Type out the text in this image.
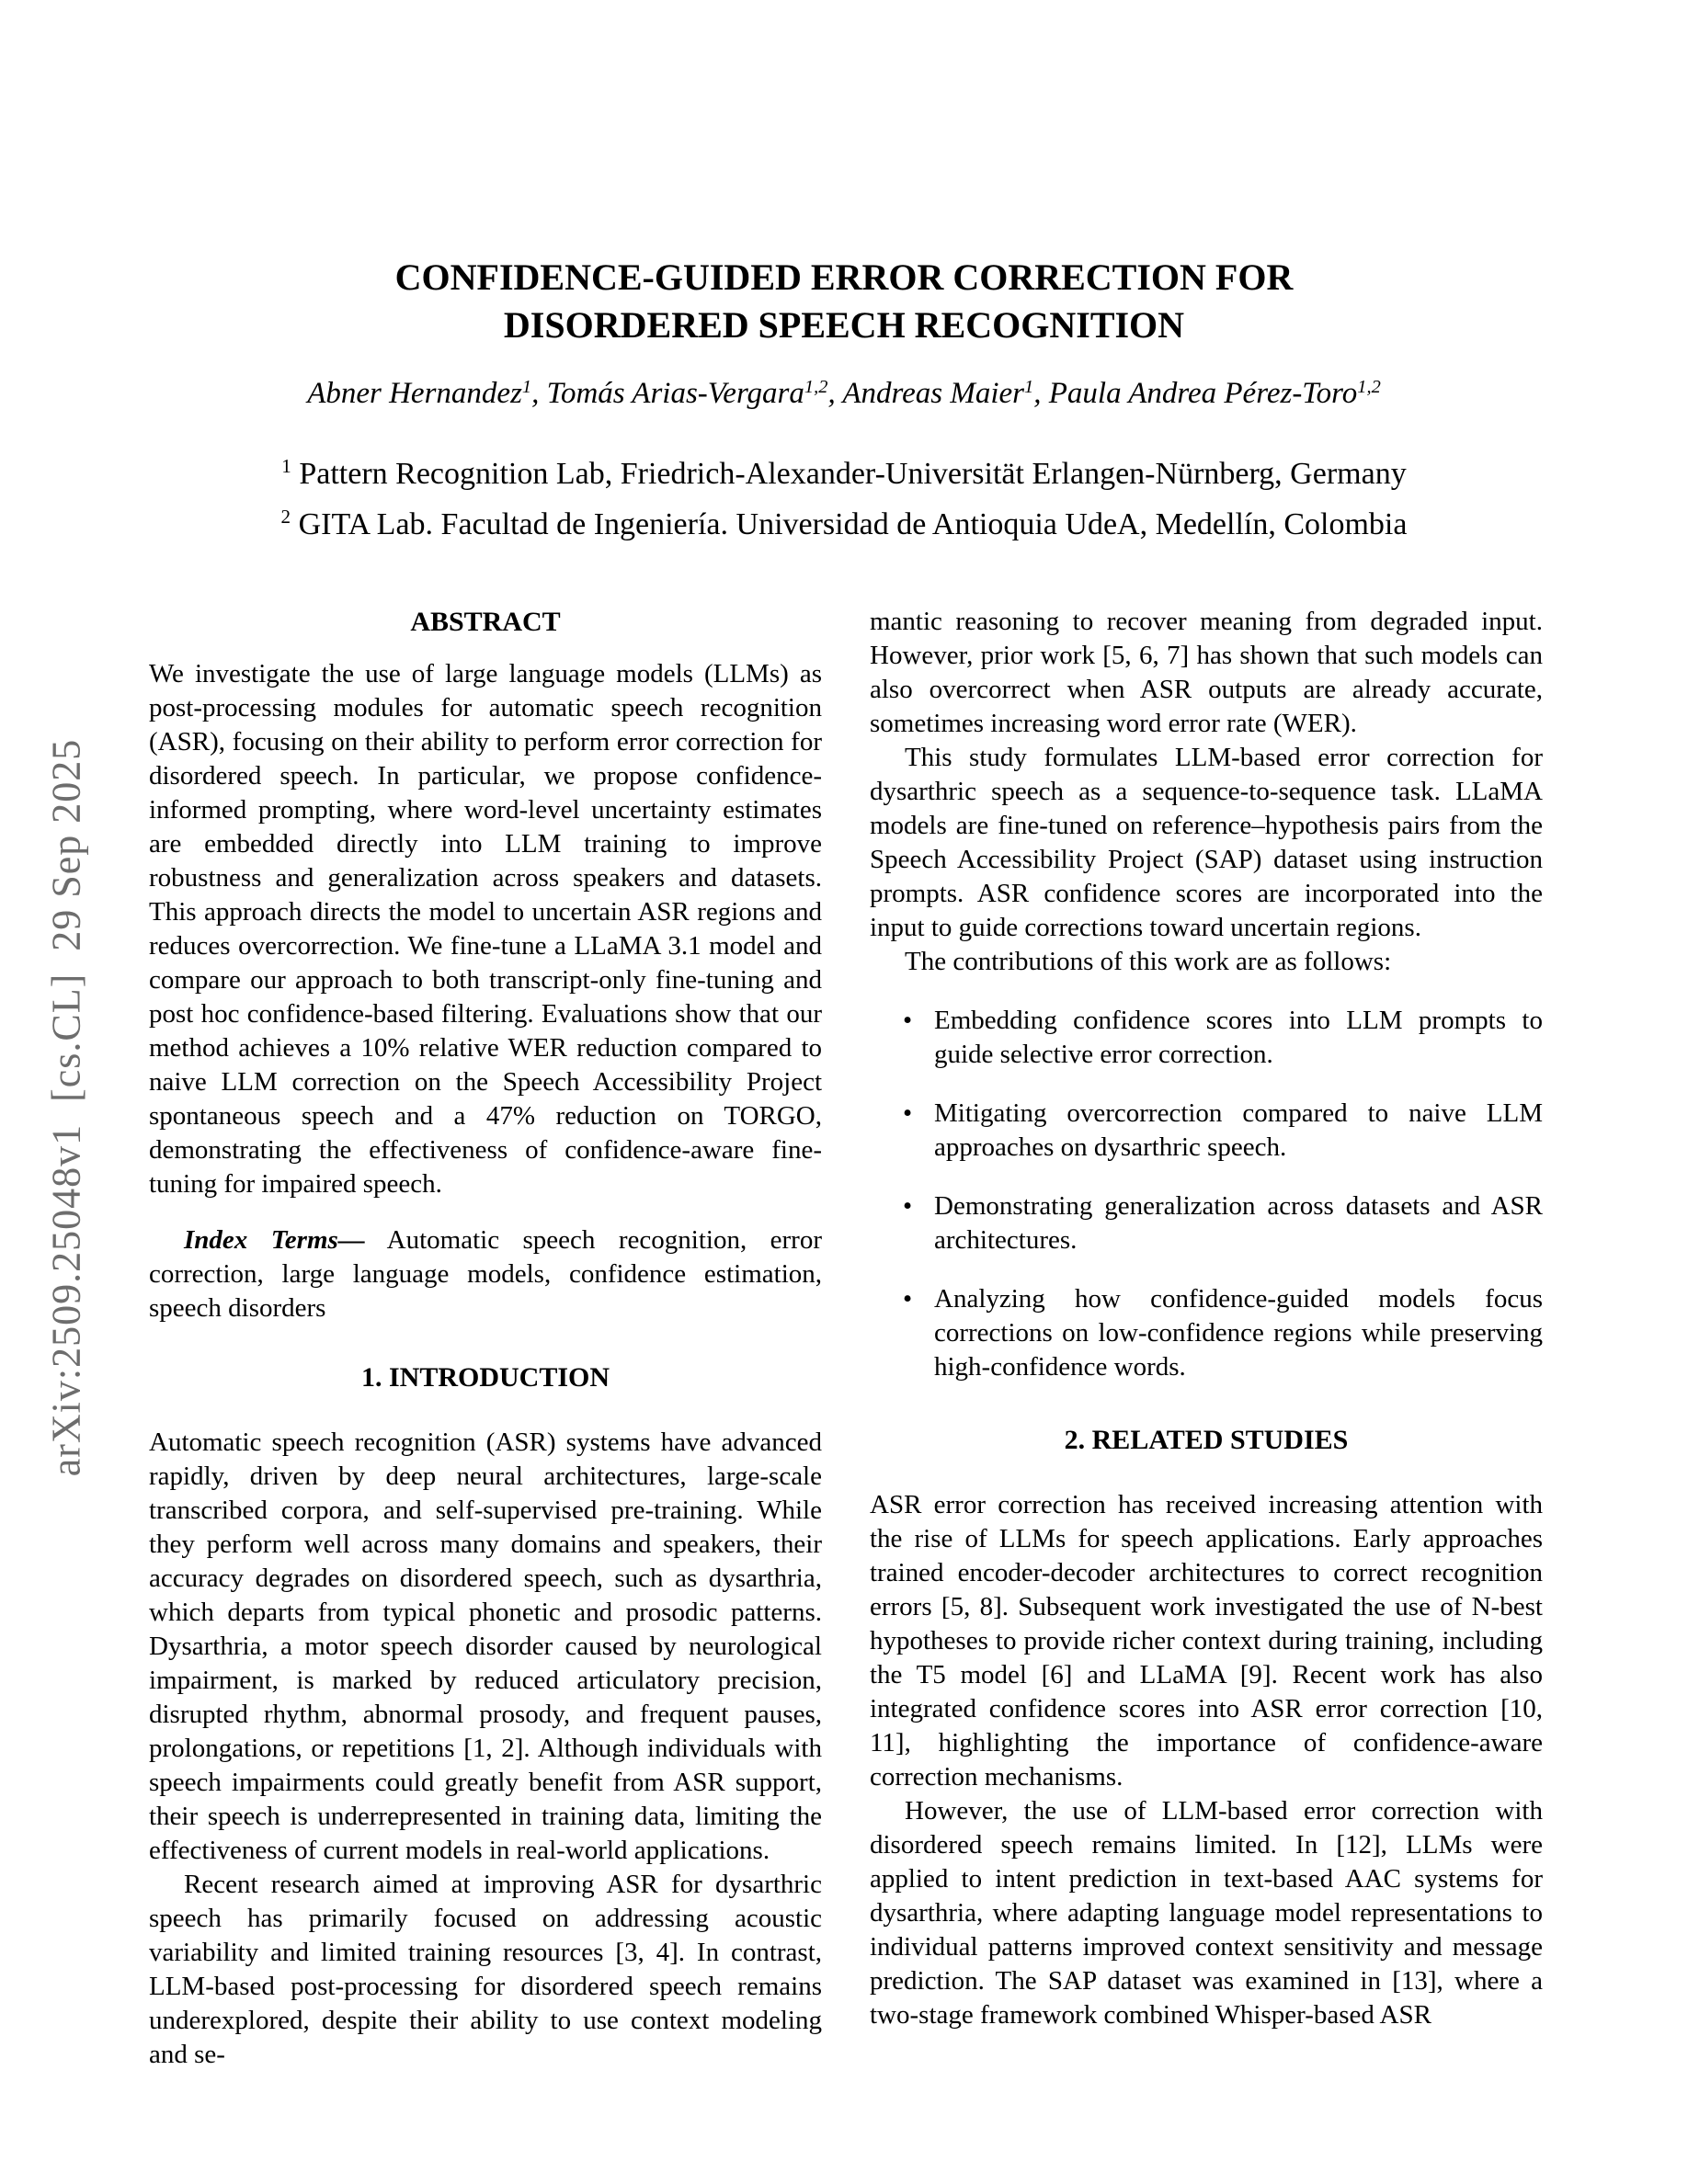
arXiv:2509.25048v1  [cs.CL]  29 Sep 2025
CONFIDENCE-GUIDED ERROR CORRECTION FOR
DISORDERED SPEECH RECOGNITION
Abner Hernandez$^1$, Tomás Arias-Vergara$^{1,2}$, Andreas Maier$^1$, Paula Andrea Pérez-Toro$^{1,2}$
$^1$ Pattern Recognition Lab, Friedrich-Alexander-Universität Erlangen-Nürnberg, Germany
$^2$ GITA Lab. Facultad de Ingeniería. Universidad de Antioquia UdeA, Medellín, Colombia
ABSTRACT

We investigate the use of large language models (LLMs) as post-processing modules for automatic speech recognition (ASR), focusing on their ability to perform error correction for disordered speech. In particular, we propose confidence-informed prompting, where word-level uncertainty estimates are embedded directly into LLM training to improve robustness and generalization across speakers and datasets. This approach directs the model to uncertain ASR regions and reduces overcorrection. We fine-tune a LLaMA 3.1 model and compare our approach to both transcript-only fine-tuning and post hoc confidence-based filtering. Evaluations show that our method achieves a 10% relative WER reduction compared to naive LLM correction on the Speech Accessibility Project spontaneous speech and a 47% reduction on TORGO, demonstrating the effectiveness of confidence-aware fine-tuning for impaired speech.

Index Terms— Automatic speech recognition, error correction, large language models, confidence estimation, speech disorders

1. INTRODUCTION

Automatic speech recognition (ASR) systems have advanced rapidly, driven by deep neural architectures, large-scale transcribed corpora, and self-supervised pre-training. While they perform well across many domains and speakers, their accuracy degrades on disordered speech, such as dysarthria, which departs from typical phonetic and prosodic patterns. Dysarthria, a motor speech disorder caused by neurological impairment, is marked by reduced articulatory precision, disrupted rhythm, abnormal prosody, and frequent pauses, prolongations, or repetitions [1, 2]. Although individuals with speech impairments could greatly benefit from ASR support, their speech is underrepresented in training data, limiting the effectiveness of current models in real-world applications.

Recent research aimed at improving ASR for dysarthric speech has primarily focused on addressing acoustic variability and limited training resources [3, 4]. In contrast, LLM-based post-processing for disordered speech remains underexplored, despite their ability to use context modeling and se-

mantic reasoning to recover meaning from degraded input. However, prior work [5, 6, 7] has shown that such models can also overcorrect when ASR outputs are already accurate, sometimes increasing word error rate (WER).

This study formulates LLM-based error correction for dysarthric speech as a sequence-to-sequence task. LLaMA models are fine-tuned on reference–hypothesis pairs from the Speech Accessibility Project (SAP) dataset using instruction prompts. ASR confidence scores are incorporated into the input to guide corrections toward uncertain regions.

The contributions of this work are as follows:

• Embedding confidence scores into LLM prompts to guide selective error correction.
• Mitigating overcorrection compared to naive LLM approaches on dysarthric speech.
• Demonstrating generalization across datasets and ASR architectures.
• Analyzing how confidence-guided models focus corrections on low-confidence regions while preserving high-confidence words.
2. RELATED STUDIES

ASR error correction has received increasing attention with the rise of LLMs for speech applications. Early approaches trained encoder-decoder architectures to correct recognition errors [5, 8]. Subsequent work investigated the use of N-best hypotheses to provide richer context during training, including the T5 model [6] and LLaMA [9]. Recent work has also integrated confidence scores into ASR error correction [10, 11], highlighting the importance of confidence-aware correction mechanisms.

However, the use of LLM-based error correction with disordered speech remains limited. In [12], LLMs were applied to intent prediction in text-based AAC systems for dysarthria, where adapting language model representations to individual patterns improved context sensitivity and message prediction. The SAP dataset was examined in [13], where a two-stage framework combined Whisper-based ASR
